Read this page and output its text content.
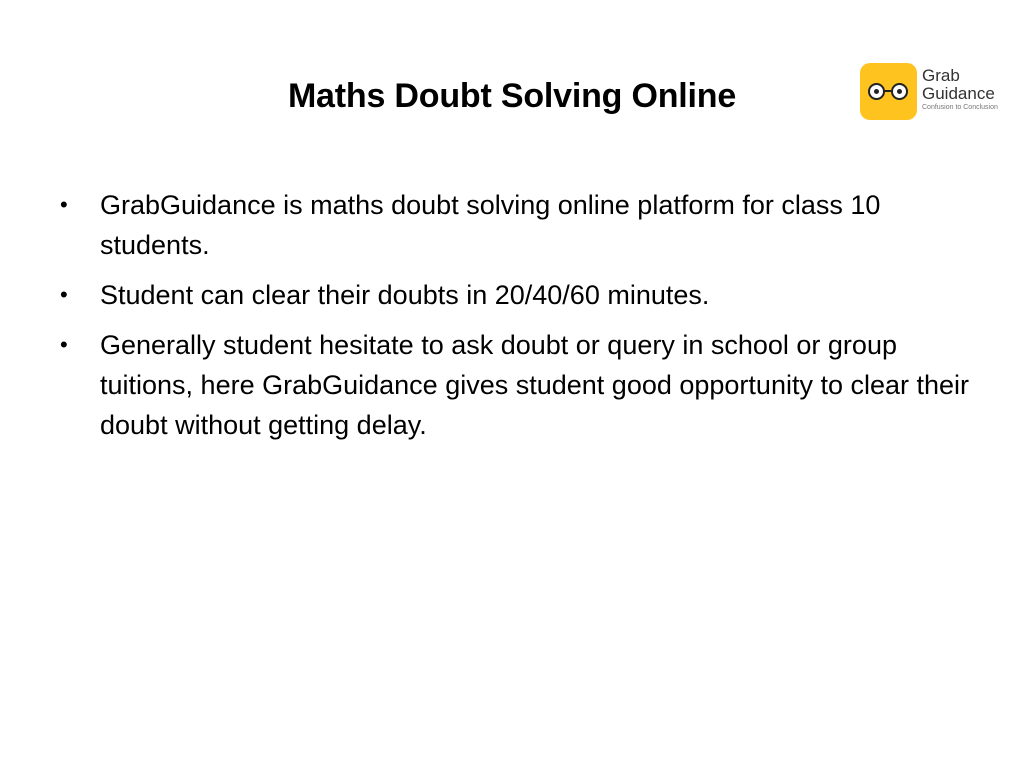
Maths Doubt Solving Online
Grab
Guidance
Confusion to Conclusion
•	GrabGuidance is maths doubt solving online platform for class 10 students.
•	Student can clear their doubts in 20/40/60 minutes.
•	Generally student hesitate to ask doubt or query in school or group tuitions, here GrabGuidance gives student good opportunity to clear their doubt without getting delay.
